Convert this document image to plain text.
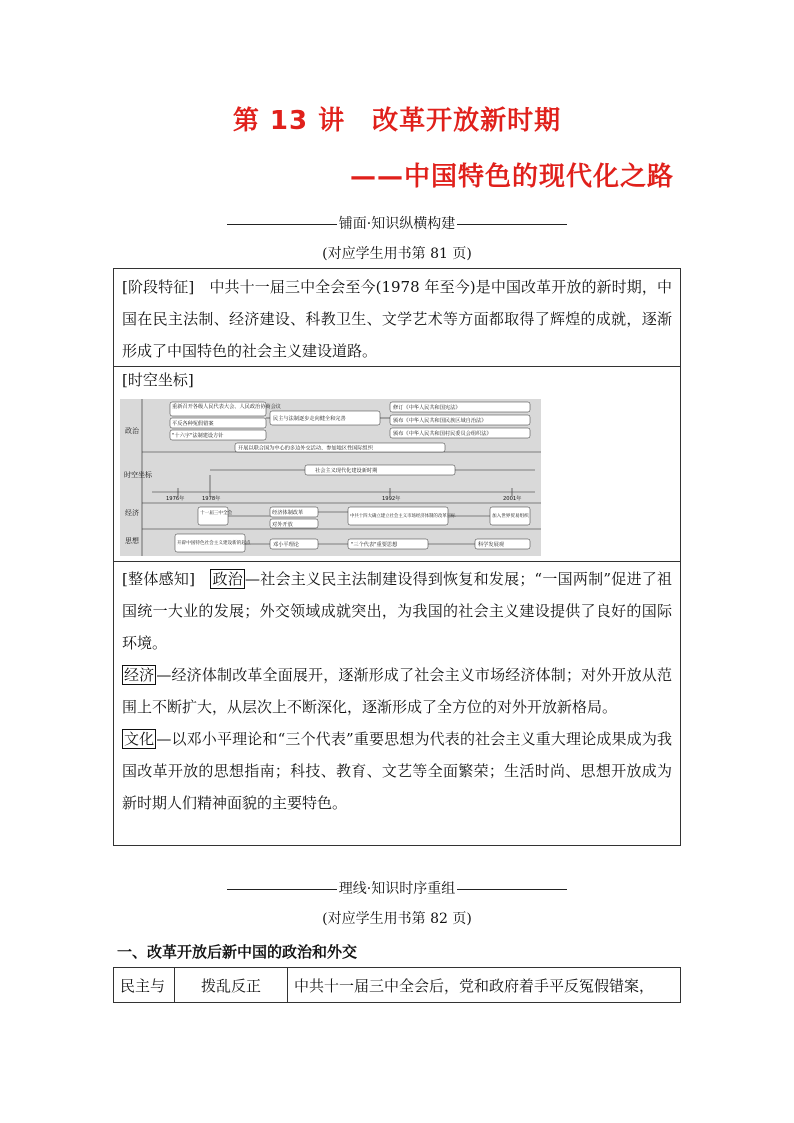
第 13 讲　改革开放新时期
——中国特色的现代化之路
铺面·知识纵横构建
(对应学生用书第 81 页)

[阶段特征]　 中共十一届三中全会至今(1978 年至今)是中国改革开放的新时期，中国在民主法制、经济建设、科教卫生、文学艺术等方面都取得了辉煌的成就，逐渐形成了中国特色的社会主义建设道路。

[时空坐标]

政治
时空坐标
经济
思想
重新召开各级人民代表大会、人民政治协商会议
平反各种冤假错案
"十六字"法制建设方针
民主与法制逐步走向健全和完善
修订《中华人民共和国宪法》
颁布《中华人民共和国民族区域自治法》
颁布《中华人民共和国村民委员会组织法》
开展以联合国为中心的多边外交活动、参加地区性国际组织
社会主义现代化建设新时期
1976年	1978年	1992年	2001年
十一届三中全会	经济体制改革
对外开放
中共十四大确立建立社会主义市场经济体制的改革目标	加入世界贸易组织
开辟中国特色社会主义建设新的起点	邓小平理论	"三个代表"重要思想	科学发展观

[整体感知]　 政治 —社会主义民主法制建设得到恢复和发展；“一国两制”促进了祖国统一大业的发展；外交领域成就突出，为我国的社会主义建设提供了良好的国际环境。

经济 —经济体制改革全面展开，逐渐形成了社会主义市场经济体制；对外开放从范围上不断扩大，从层次上不断深化，逐渐形成了全方位的对外开放新格局。

文化 —以邓小平理论和“三个代表”重要思想为代表的社会主义重大理论成果成为我国改革开放的思想指南；科技、教育、文艺等全面繁荣；生活时尚、思想开放成为新时期人们精神面貌的主要特色。

理线·知识时序重组
(对应学生用书第 82 页)
一、改革开放后新中国的政治和外交
民主与	拨乱反正	中共十一届三中全会后，党和政府着手平反冤假错案，
